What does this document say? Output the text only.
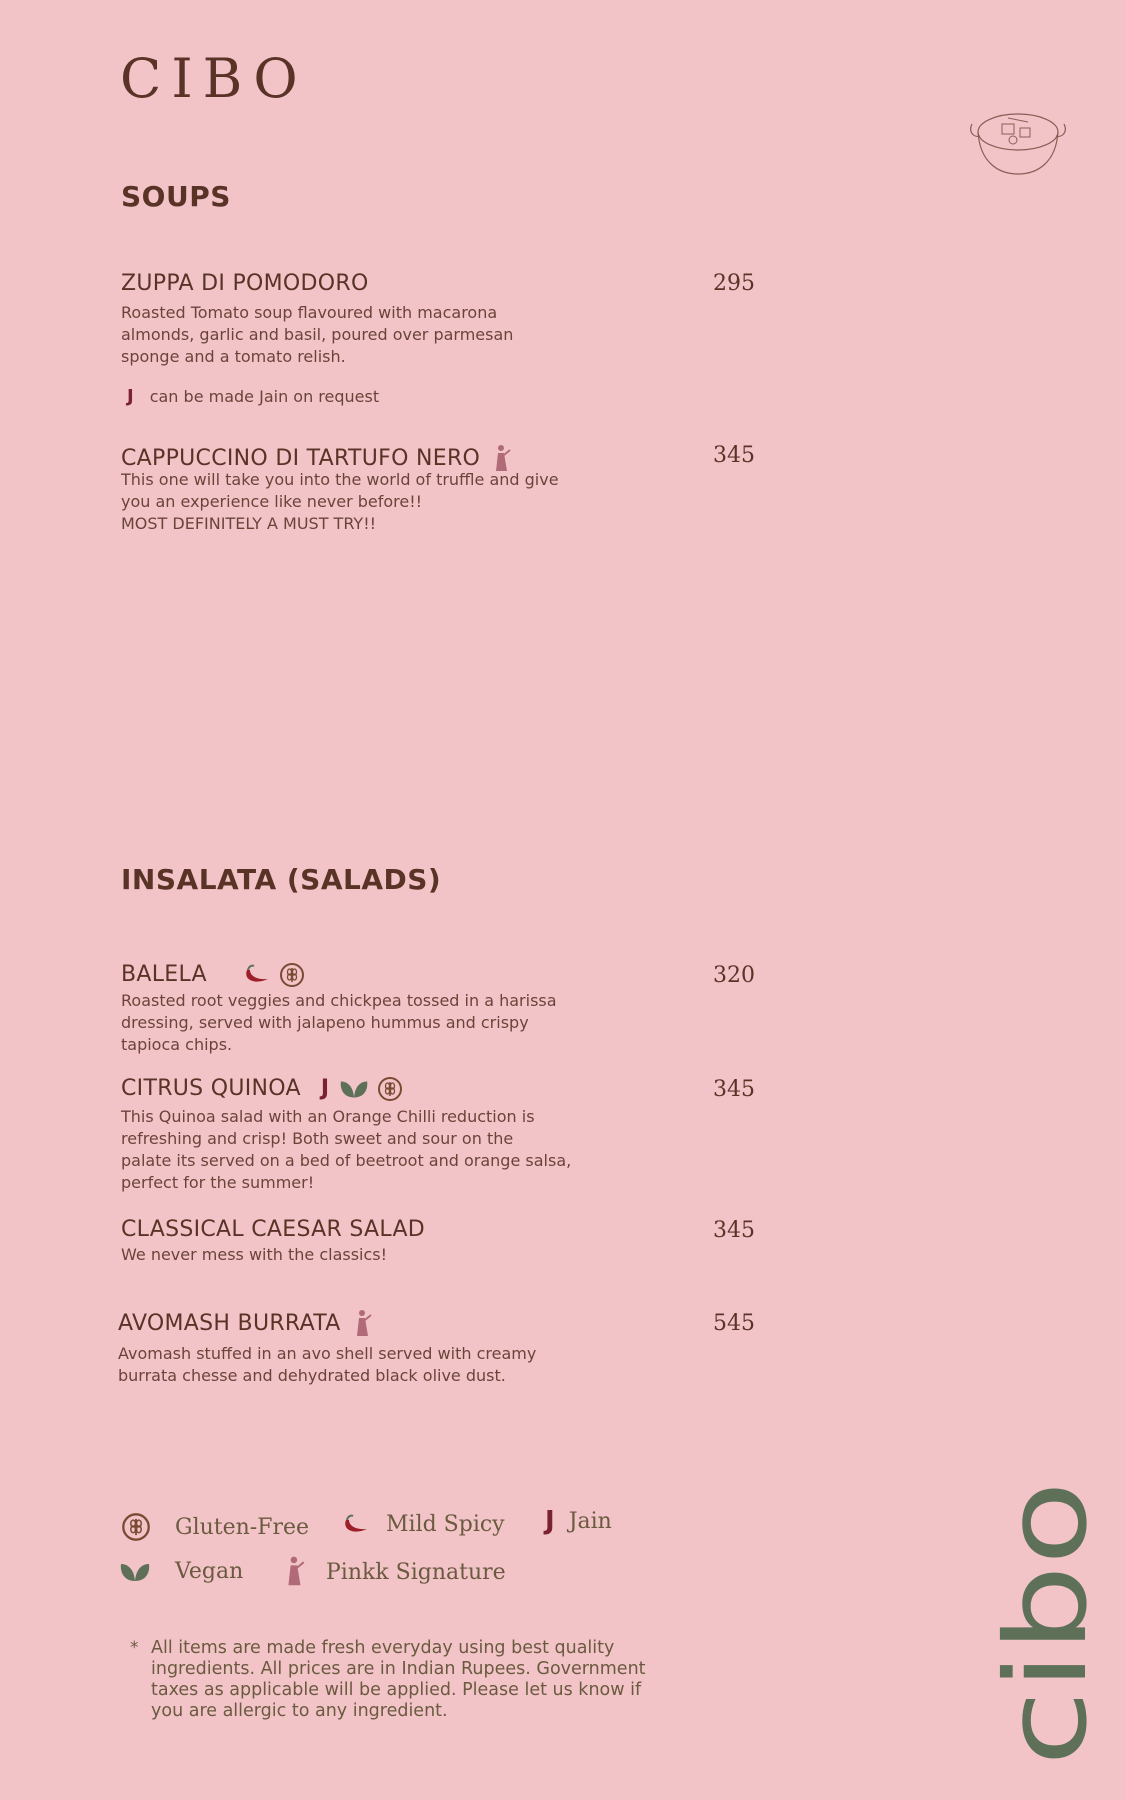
CIBO
SOUPS
ZUPPA DI POMODORO	295
Roasted Tomato soup flavoured with macarona
almonds, garlic and basil, poured over parmesan
sponge and a tomato relish.
J can be made Jain on request
CAPPUCCINO DI TARTUFO NERO	345
This one will take you into the world of truffle and give
you an experience like never before!!
MOST DEFINITELY A MUST TRY!!
INSALATA (SALADS)
BALELA	320
Roasted root veggies and chickpea tossed in a harissa
dressing, served with jalapeno hummus and crispy
tapioca chips.
CITRUS QUINOA J	345
This Quinoa salad with an Orange Chilli reduction is
refreshing and crisp! Both sweet and sour on the
palate its served on a bed of beetroot and orange salsa,
perfect for the summer!
CLASSICAL CAESAR SALAD	345
We never mess with the classics!
AVOMASH BURRATA	545
Avomash stuffed in an avo shell served with creamy
burrata chesse and dehydrated black olive dust.
Gluten-Free	Mild Spicy J Jain
Vegan	Pinkk Signature
* All items are made fresh everyday using best quality
ingredients. All prices are in Indian Rupees. Government
taxes as applicable will be applied. Please let us know if
you are allergic to any ingredient.	cibo
